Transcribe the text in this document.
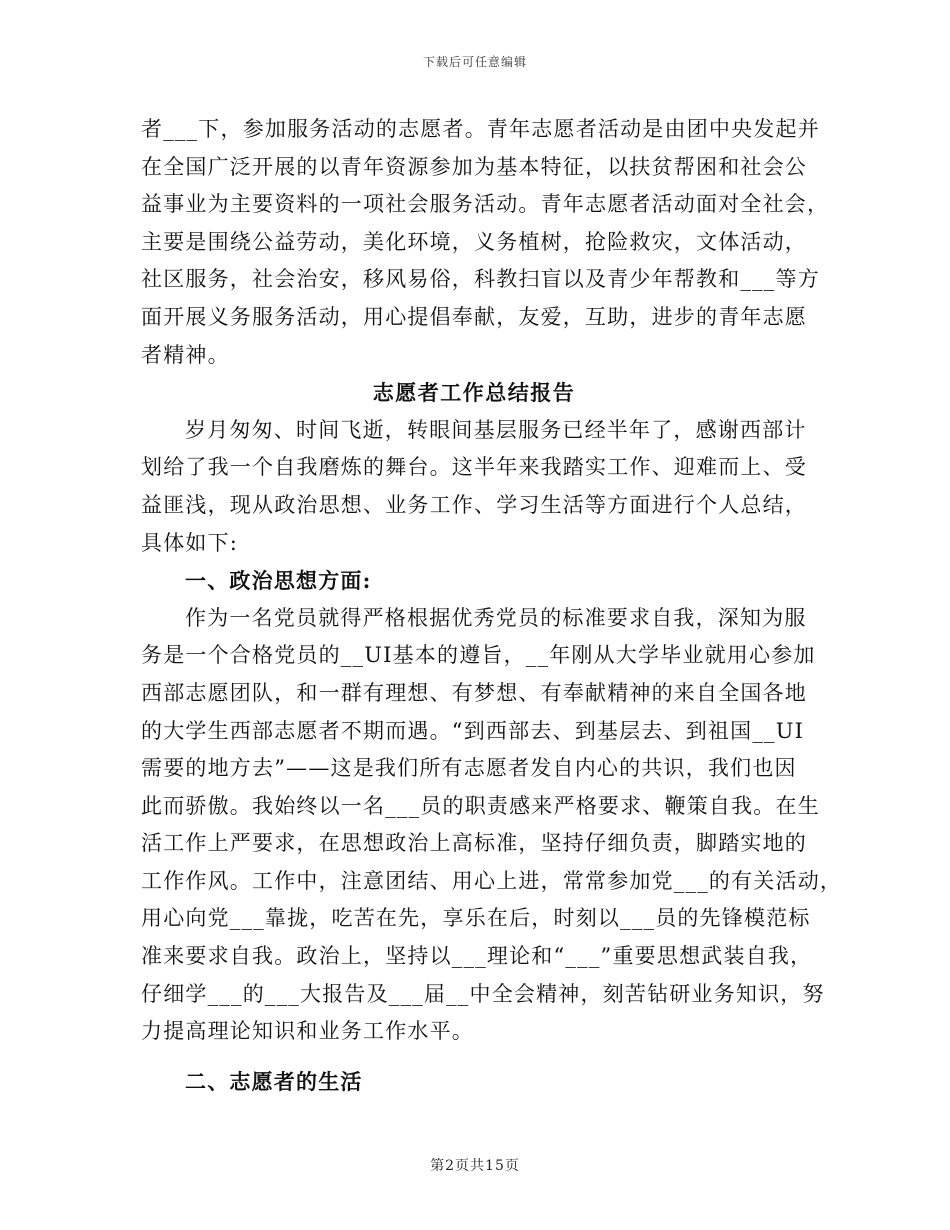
下载后可任意编辑
者___下，参加服务活动的志愿者。青年志愿者活动是由团中央发起并
在全国广泛开展的以青年资源参加为基本特征，以扶贫帮困和社会公
益事业为主要资料的一项社会服务活动。青年志愿者活动面对全社会，
主要是围绕公益劳动，美化环境，义务植树，抢险救灾，文体活动，
社区服务，社会治安，移风易俗，科教扫盲以及青少年帮教和___等方
面开展义务服务活动，用心提倡奉献，友爱，互助，进步的青年志愿
者精神。
志愿者工作总结报告
岁月匆匆、时间飞逝，转眼间基层服务已经半年了，感谢西部计
划给了我一个自我磨炼的舞台。这半年来我踏实工作、迎难而上、受
益匪浅，现从政治思想、业务工作、学习生活等方面进行个人总结，
具体如下:
一、政治思想方面:
作为一名党员就得严格根据优秀党员的标准要求自我，深知为服
务是一个合格党员的__UI基本的遵旨，__年刚从大学毕业就用心参加
西部志愿团队，和一群有理想、有梦想、有奉献精神的来自全国各地
的大学生西部志愿者不期而遇。“到西部去、到基层去、到祖国__UI
需要的地方去”——这是我们所有志愿者发自内心的共识，我们也因
此而骄傲。我始终以一名___员的职责感来严格要求、鞭策自我。在生
活工作上严要求，在思想政治上高标准，坚持仔细负责，脚踏实地的
工作作风。工作中，注意团结、用心上进，常常参加党___的有关活动，
用心向党___靠拢，吃苦在先，享乐在后，时刻以___员的先锋模范标
准来要求自我。政治上，坚持以___理论和“___”重要思想武装自我，
仔细学___的___大报告及___届__中全会精神，刻苦钻研业务知识，努
力提高理论知识和业务工作水平。
二、志愿者的生活
第2页共15页
